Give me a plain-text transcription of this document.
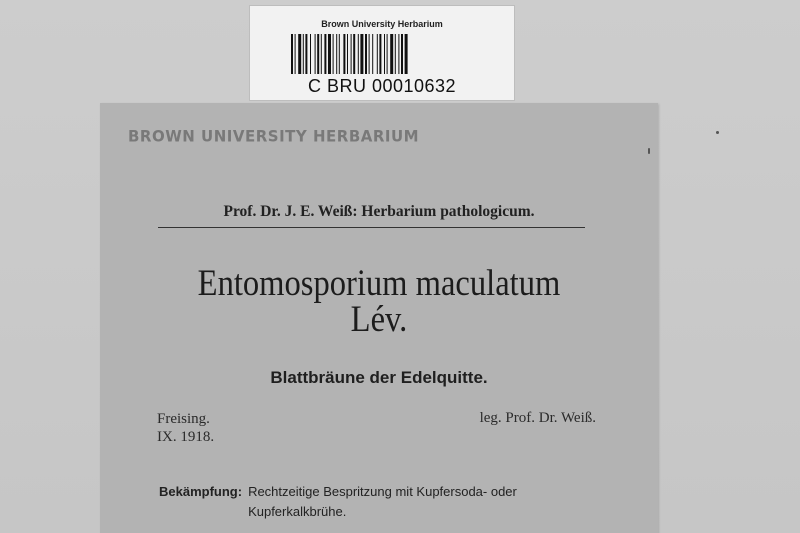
Brown University Herbarium
C BRU 00010632
BROWN UNIVERSITY HERBARIUM
Prof. Dr. J. E. Weiß: Herbarium pathologicum.
Entomosporium maculatum
Lév.
Blattbräune der Edelquitte.
Freising.
IX. 1918.
leg. Prof. Dr. Weiß.
Bekämpfung: Rechtzeitige Bespritzung mit Kupfersoda- oder
Kupferkalkbrühe.
